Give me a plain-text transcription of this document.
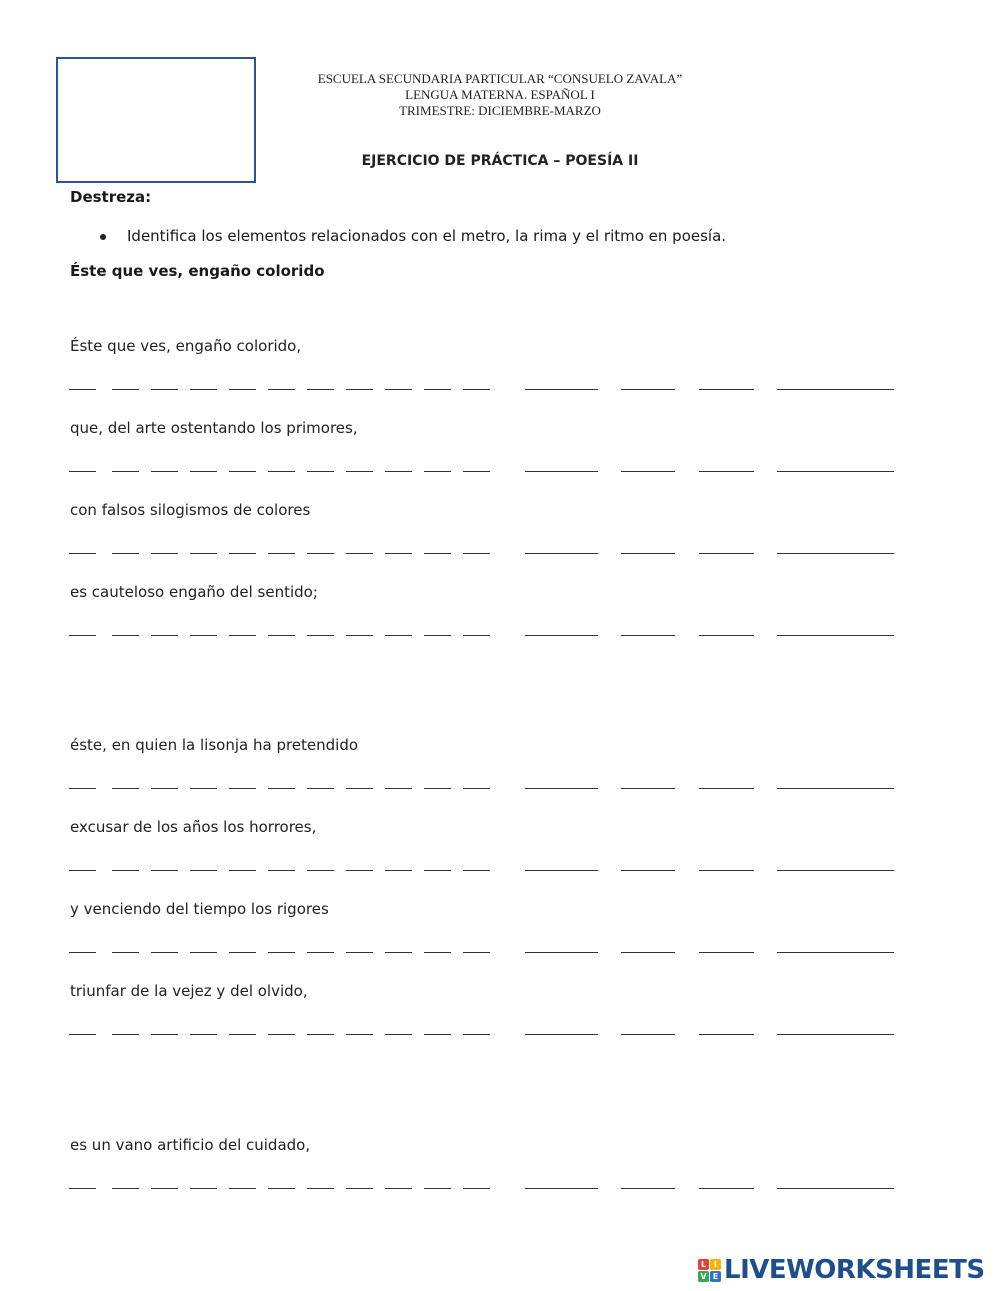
ESCUELA SECUNDARIA PARTICULAR “CONSUELO ZAVALA”
LENGUA MATERNA. ESPAÑOL I
TRIMESTRE: DICIEMBRE-MARZO
EJERCICIO DE PRÁCTICA – POESÍA II
Destreza:
Identifica los elementos relacionados con el metro, la rima y el ritmo en poesía.
Éste que ves, engaño colorido
Éste que ves, engaño colorido,
que, del arte ostentando los primores,
con falsos silogismos de colores
es cauteloso engaño del sentido;
éste, en quien la lisonja ha pretendido
excusar de los años los horrores,
y venciendo del tiempo los rigores
triunfar de la vejez y del olvido,
es un vano artificio del cuidado,
L I
V E LIVEWORKSHEETS
